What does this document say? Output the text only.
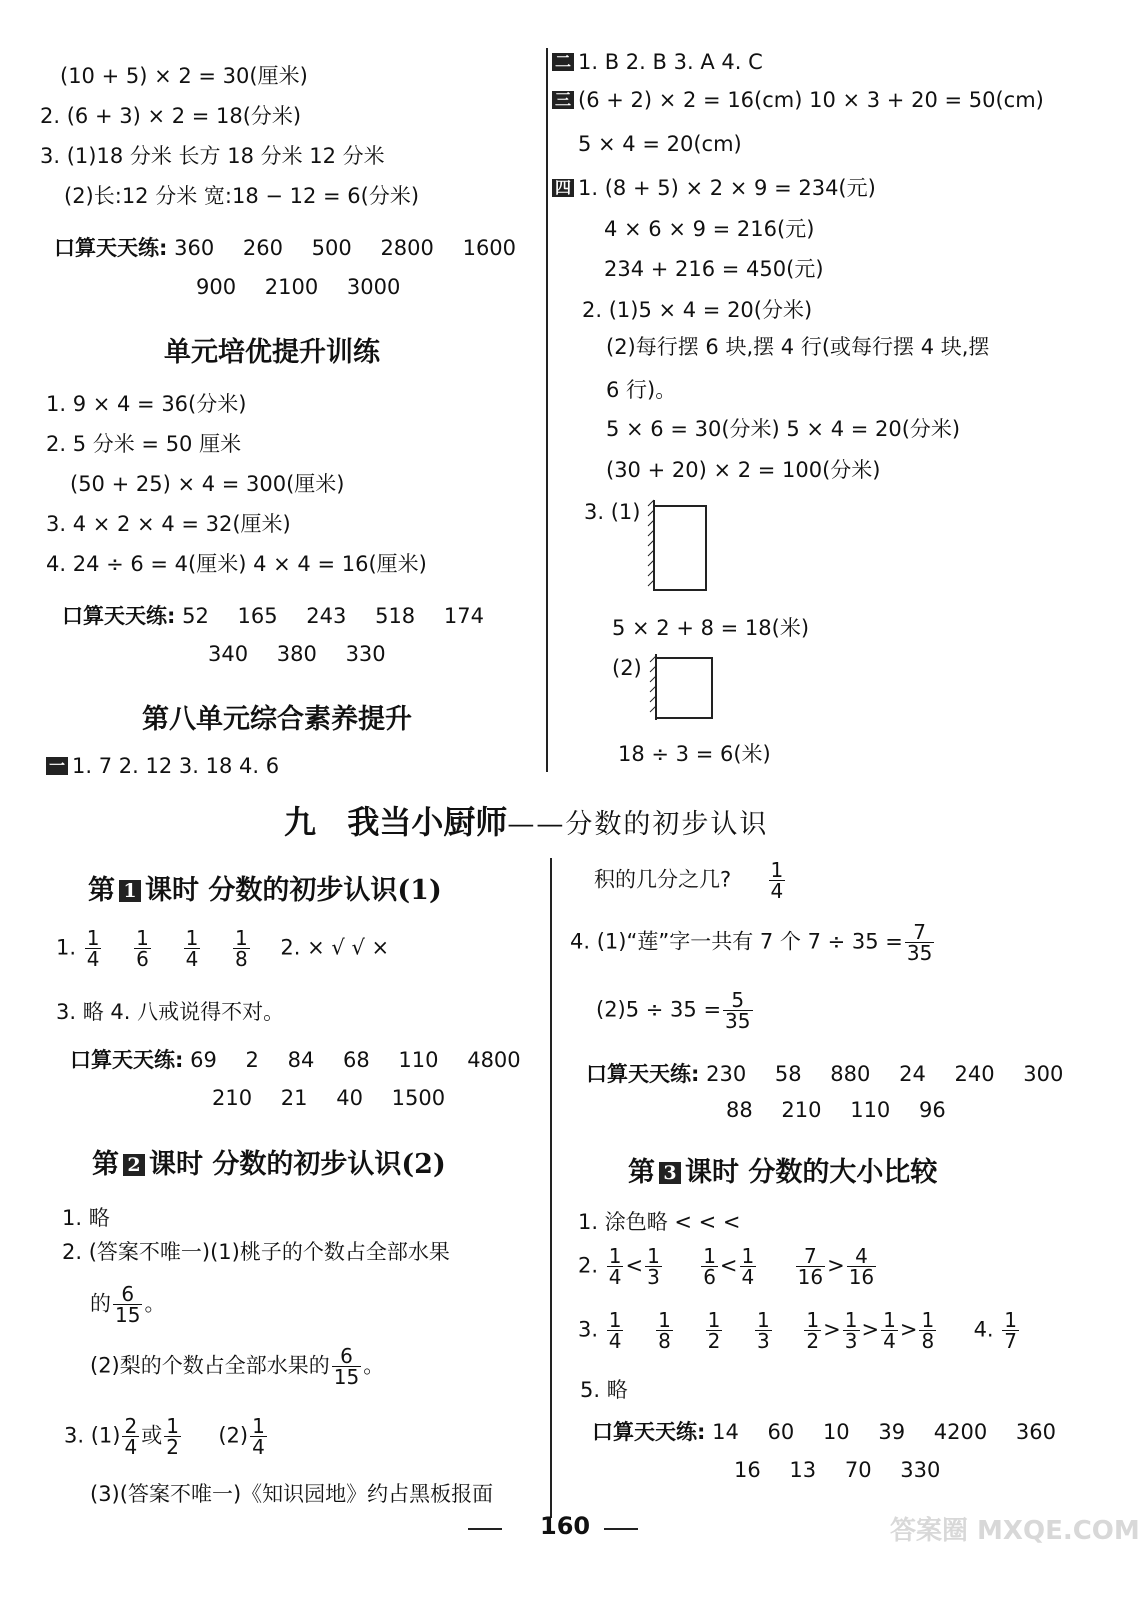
(10 + 5) × 2 = 30(厘米)
2. (6 + 3) × 2 = 18(分米)
3. (1)18 分米 长方 18 分米 12 分米
(2)长:12 分米 宽:18 − 12 = 6(分米)
口算天天练: 360 260 500 2800 1600
900 2100 3000
单元培优提升训练
1. 9 × 4 = 36(分米)
2. 5 分米 = 50 厘米
(50 + 25) × 4 = 300(厘米)
3. 4 × 2 × 4 = 32(厘米)
4. 24 ÷ 6 = 4(厘米) 4 × 4 = 16(厘米)
口算天天练: 52 165 243 518 174
340 380 330
第八单元综合素养提升
一 1. 7 2. 12 3. 18 4. 6
二 1. B 2. B 3. A 4. C
三 (6 + 2) × 2 = 16(cm) 10 × 3 + 20 = 50(cm)
5 × 4 = 20(cm)
四 1. (8 + 5) × 2 × 9 = 234(元)
4 × 6 × 9 = 216(元)
234 + 216 = 450(元)
2. (1)5 × 4 = 20(分米)
(2)每行摆 6 块,摆 4 行(或每行摆 4 块,摆
6 行)。
5 × 6 = 30(分米) 5 × 4 = 20(分米)
(30 + 20) × 2 = 100(分米)
3. (1)
5 × 2 + 8 = 18(米)
(2)
18 ÷ 3 = 6(米)
九 我当小厨师——分数的初步认识
第 1 课时 分数的初步认识(1)
1. $\frac{1}{4}$
$\frac{1}{6}$
$\frac{1}{4}$
$\frac{1}{8} 2$. × √ √ ×
3. 略 4. 八戒说得不对。
口算天天练: 69 2 84 68 110 4800
210 21 40 1500
第 2 课时 分数的初步认识(2)
1. 略
2. (答案不唯一)(1)桃子的个数占全部水果
的 $\frac{6}{15}$ 。
(2)梨的个数占全部水果的 $\frac{6}{15}$ 。
3. $(1) \frac{2}{4}$ 或 $\frac{1}{2} (2) \frac{1}{4}$
(3)(答案不唯一)《知识园地》约占黑板报面
积的几分之几? $\frac{1}{4}$
4. (1)“莲”字一共有 7 个 $7 \div 35 = \frac{7}{35}$
$(2)5 \div 35 = \frac{5}{35}$
口算天天练: 230 58 880 24 240 300
88 210 110 96
第 3 课时 分数的大小比较
1. 涂色略 < < <
2. $\frac{1}{4} < \frac{1}{3}$
$\frac{1}{6} < \frac{1}{4}$
$\frac{7}{16} > \frac{4}{16}$
3. $\frac{1}{4}$
$\frac{1}{8}$
$\frac{1}{2}$
$\frac{1}{3}$
$\frac{1}{2} > \frac{1}{3} > \frac{1}{4} > \frac{1}{8} 4$. $\frac{1}{7}$
5. 略
口算天天练: 14 60 10 39 4200 360
16 13 70 330
160	答案圈 MXQE.COM
